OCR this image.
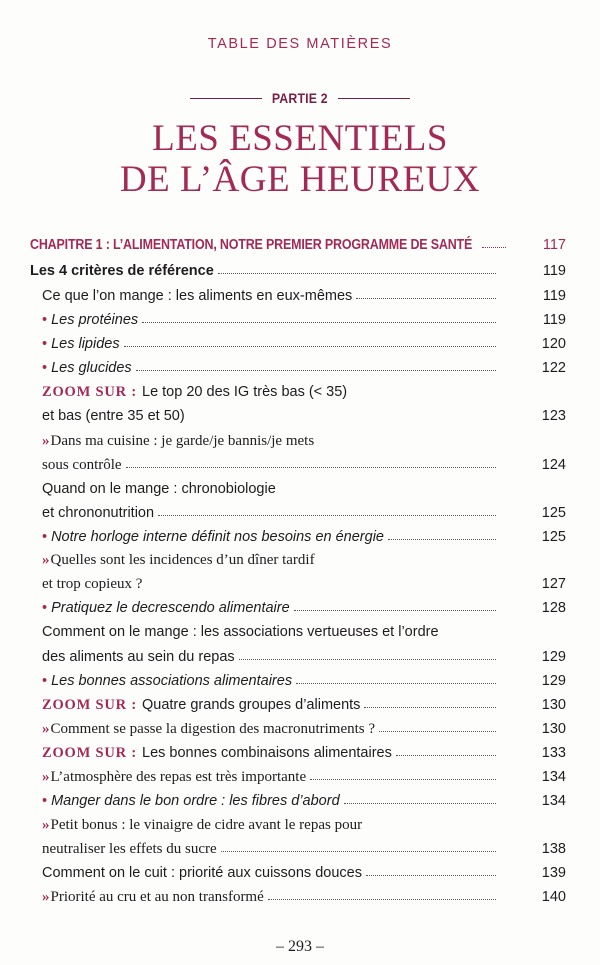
TABLE DES MATIÈRES
PARTIE 2
LES ESSENTIELS
DE L’ÂGE HEUREUX
CHAPITRE 1 : L’ALIMENTATION, NOTRE PREMIER PROGRAMME DE SANTÉ	117
Les 4 critères de référence	119
Ce que l’on mange : les aliments en eux-mêmes	119
• Les protéines	119
• Les lipides	120
• Les glucides	122
ZOOM SUR : Le top 20 des IG très bas (< 35)
et bas (entre 35 et 50)	123
» Dans ma cuisine : je garde/je bannis/je mets
sous contrôle	124
Quand on le mange : chronobiologie
et chrononutrition	125
• Notre horloge interne définit nos besoins en énergie	125
» Quelles sont les incidences d’un dîner tardif
et trop copieux ?	127
• Pratiquez le decrescendo alimentaire	128
Comment on le mange : les associations vertueuses et l’ordre
des aliments au sein du repas	129
• Les bonnes associations alimentaires	129
ZOOM SUR : Quatre grands groupes d’aliments	130
» Comment se passe la digestion des macronutriments ?	130
ZOOM SUR : Les bonnes combinaisons alimentaires	133
» L’atmosphère des repas est très importante	134
• Manger dans le bon ordre : les fibres d’abord	134
» Petit bonus : le vinaigre de cidre avant le repas pour
neutraliser les effets du sucre	138
Comment on le cuit : priorité aux cuissons douces	139
» Priorité au cru et au non transformé	140
– 293 –
